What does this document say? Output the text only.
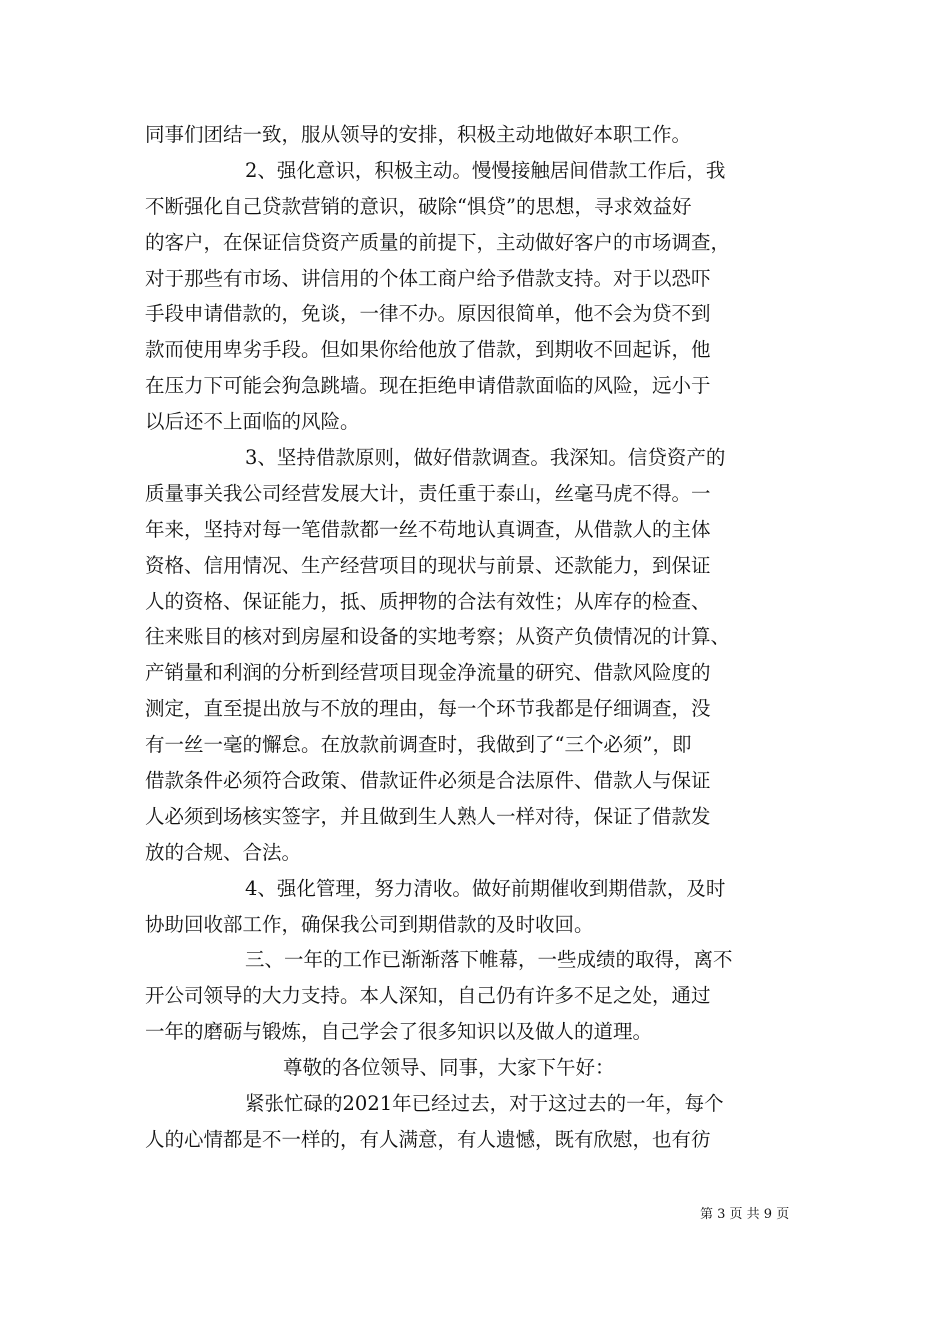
同事们团结一致，服从领导的安排，积极主动地做好本职工作。
2、强化意识，积极主动。慢慢接触居间借款工作后，我
不断强化自己贷款营销的意识，破除“惧贷”的思想，寻求效益好
的客户，在保证信贷资产质量的前提下，主动做好客户的市场调查，
对于那些有市场、讲信用的个体工商户给予借款支持。对于以恐吓
手段申请借款的，免谈，一律不办。原因很简单，他不会为贷不到
款而使用卑劣手段。但如果你给他放了借款，到期收不回起诉，他
在压力下可能会狗急跳墙。现在拒绝申请借款面临的风险，远小于
以后还不上面临的风险。
3、坚持借款原则，做好借款调查。我深知。信贷资产的
质量事关我公司经营发展大计，责任重于泰山，丝毫马虎不得。一
年来，坚持对每一笔借款都一丝不苟地认真调查，从借款人的主体
资格、信用情况、生产经营项目的现状与前景、还款能力，到保证
人的资格、保证能力，抵、质押物的合法有效性；从库存的检查、
往来账目的核对到房屋和设备的实地考察；从资产负债情况的计算、
产销量和利润的分析到经营项目现金净流量的研究、借款风险度的
测定，直至提出放与不放的理由，每一个环节我都是仔细调查，没
有一丝一毫的懈怠。在放款前调查时，我做到了“三个必须”，即
借款条件必须符合政策、借款证件必须是合法原件、借款人与保证
人必须到场核实签字，并且做到生人熟人一样对待，保证了借款发
放的合规、合法。
4、强化管理，努力清收。做好前期催收到期借款，及时
协助回收部工作，确保我公司到期借款的及时收回。
三、一年的工作已渐渐落下帷幕，一些成绩的取得，离不
开公司领导的大力支持。本人深知，自己仍有许多不足之处，通过
一年的磨砺与锻炼，自己学会了很多知识以及做人的道理。
尊敬的各位领导、同事，大家下午好：
紧张忙碌的2021年已经过去，对于这过去的一年，每个
人的心情都是不一样的，有人满意，有人遗憾，既有欣慰，也有彷
第 3 页 共 9 页
